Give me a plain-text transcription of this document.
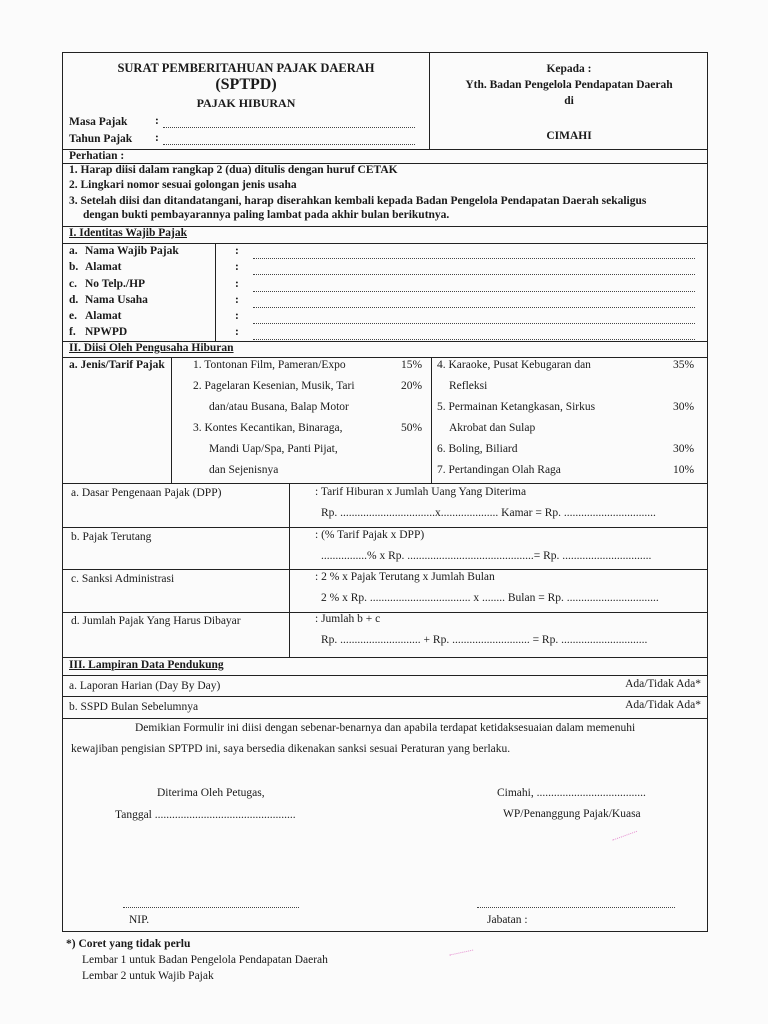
SURAT PEMBERITAHUAN PAJAK DAERAH
(SPTPD)
PAJAK HIBURAN
Masa Pajak :
Tahun Pajak :
Kepada :
Yth. Badan Pengelola Pendapatan Daerah
di
CIMAHI
Perhatian :
1. Harap diisi dalam rangkap 2 (dua) ditulis dengan huruf CETAK
2. Lingkari nomor sesuai golongan jenis usaha
3. Setelah diisi dan ditandatangani, harap diserahkan kembali kepada Badan Pengelola Pendapatan Daerah sekaligus
dengan bukti pembayarannya paling lambat pada akhir bulan berikutnya.
I. Identitas Wajib Pajak
a. Nama Wajib Pajak	:
b. Alamat	:
c. No Telp./HP	:
d. Nama Usaha	:
e. Alamat	:
f. NPWPD	:
II. Diisi Oleh Pengusaha Hiburan
a. Jenis/Tarif Pajak 1. Tontonan Film, Pameran/Expo	15%
2. Pagelaran Kesenian, Musik, Tari	20%
dan/atau Busana, Balap Motor
3. Kontes Kecantikan, Binaraga,	50%
Mandi Uap/Spa, Panti Pijat,
dan Sejenisnya
4. Karaoke, Pusat Kebugaran dan	35%
Refleksi
5. Permainan Ketangkasan, Sirkus	30%
Akrobat dan Sulap
6. Boling, Biliard	30%
7. Pertandingan Olah Raga	10%
a. Dasar Pengenaan Pajak (DPP)	: Tarif Hiburan x Jumlah Uang Yang Diterima
Rp. .................................x.................... Kamar = Rp. ................................
b. Pajak Terutang	: (% Tarif Pajak x DPP)
................% x Rp. ............................................= Rp. ...............................
c. Sanksi Administrasi	: 2 % x Pajak Terutang x Jumlah Bulan
2 % x Rp. ................................... x ........ Bulan = Rp. ................................
d. Jumlah Pajak Yang Harus Dibayar	: Jumlah b + c
Rp. ............................ + Rp. ........................... = Rp. ..............................
III. Lampiran Data Pendukung
a. Laporan Harian (Day By Day)	Ada/Tidak Ada*
b. SSPD Bulan Sebelumnya	Ada/Tidak Ada*
Demikian Formulir ini diisi dengan sebenar-benarnya dan apabila terdapat ketidaksesuaian dalam memenuhi
kewajiban pengisian SPTPD ini, saya bersedia dikenakan sanksi sesuai Peraturan yang berlaku.
Diterima Oleh Petugas,
Tanggal .................................................
Cimahi, ......................................
WP/Penanggung Pajak/Kuasa
NIP.	Jabatan :
*) Coret yang tidak perlu
Lembar 1 untuk Badan Pengelola Pendapatan Daerah
Lembar 2 untuk Wajib Pajak
